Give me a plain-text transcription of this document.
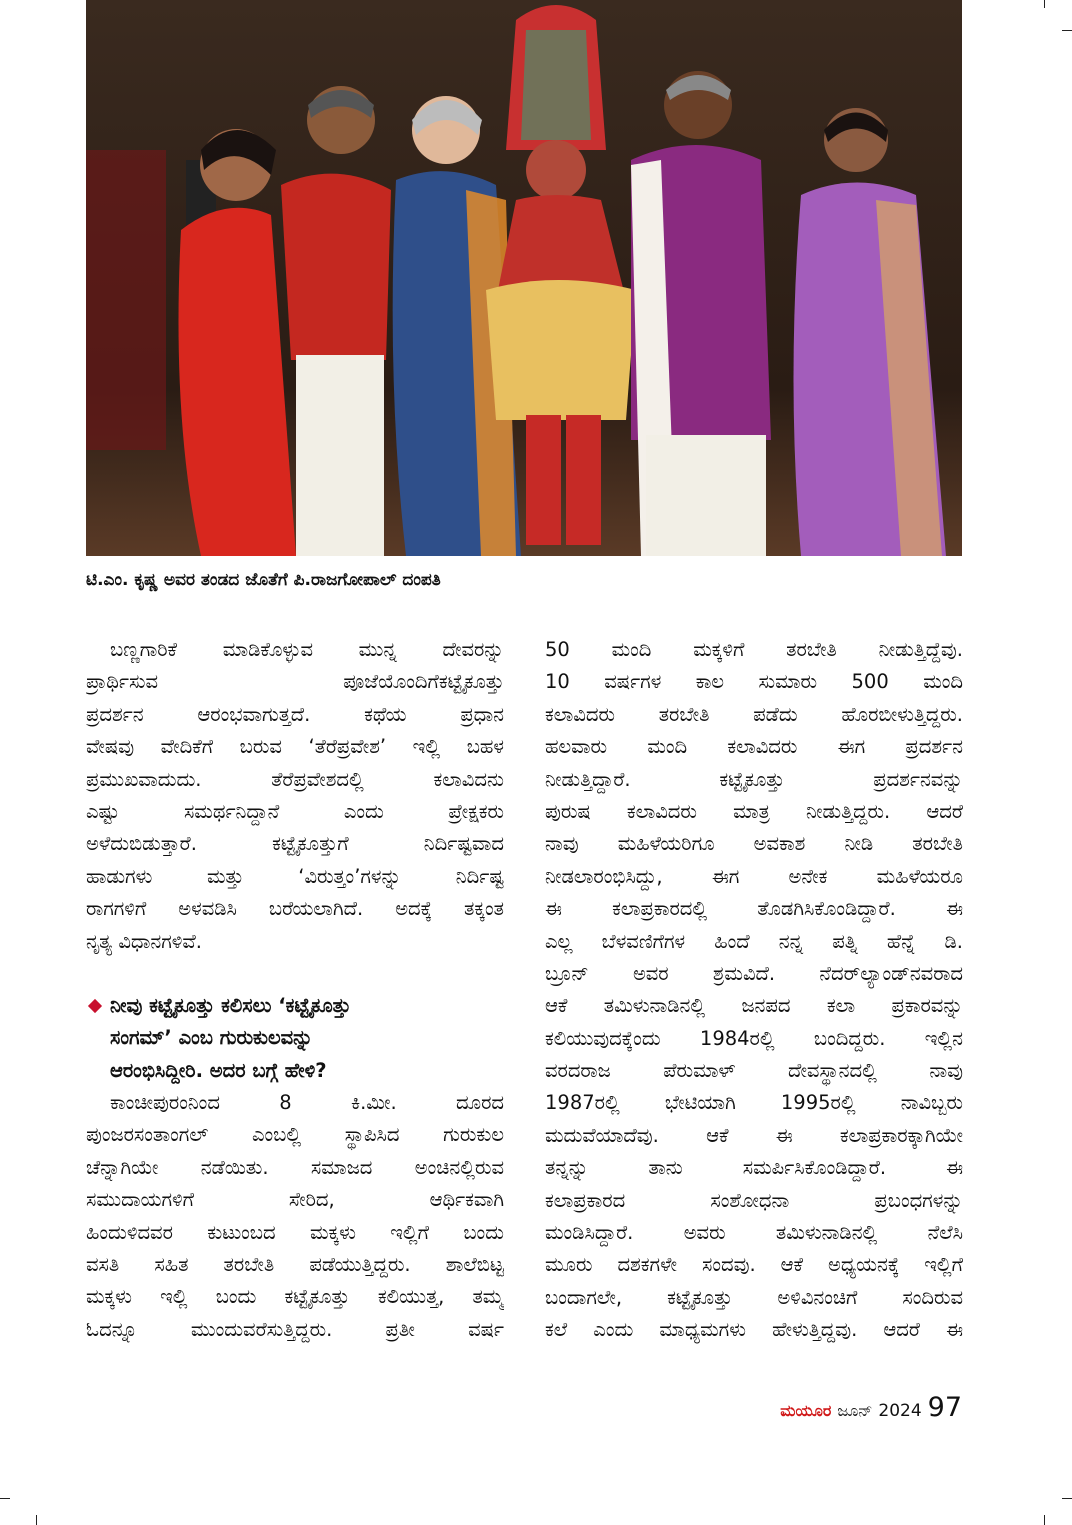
ಟಿ.ಎಂ. ಕೃಷ್ಣ ಅವರ ತಂಡದ ಜೊತೆಗೆ ಪಿ.ರಾಜಗೋಪಾಲ್ ದಂಪತಿ
ಬಣ್ಣಗಾರಿಕೆ ಮಾಡಿಕೊಳ್ಳುವ ಮುನ್ನ ದೇವರನ್ನು
ಪ್ರಾರ್ಥಿಸುವ ಪೂಜೆಯೊಂದಿಗೆಕಟ್ಟೈಕೂತ್ತು
ಪ್ರದರ್ಶನ ಆರಂಭವಾಗುತ್ತದೆ. ಕಥೆಯ ಪ್ರಧಾನ
ವೇಷವು ವೇದಿಕೆಗೆ ಬರುವ ‘ತೆರೆಪ್ರವೇಶ’ ಇಲ್ಲಿ ಬಹಳ
ಪ್ರಮುಖವಾದುದು. ತೆರೆಪ್ರವೇಶದಲ್ಲಿ ಕಲಾವಿದನು
ಎಷ್ಟು ಸಮರ್ಥನಿದ್ದಾನೆ ಎಂದು ಪ್ರೇಕ್ಷಕರು
ಅಳೆದುಬಿಡುತ್ತಾರೆ. ಕಟ್ಟೈಕೂತ್ತುಗೆ ನಿರ್ದಿಷ್ಟವಾದ
ಹಾಡುಗಳು ಮತ್ತು ‘ವಿರುತ್ತಂ’ಗಳನ್ನು ನಿರ್ದಿಷ್ಟ
ರಾಗಗಳಿಗೆ ಅಳವಡಿಸಿ ಬರೆಯಲಾಗಿದೆ. ಅದಕ್ಕೆ ತಕ್ಕಂತ
ನೃತ್ಯ ವಿಧಾನಗಳಿವೆ.
ನೀವು ಕಟ್ಟೈಕೂತ್ತು ಕಲಿಸಲು ‘ಕಟ್ಟೈಕೂತ್ತು
ಸಂಗಮ್’ ಎಂಬ ಗುರುಕುಲವನ್ನು
ಆರಂಭಿಸಿದ್ದೀರಿ. ಅದರ ಬಗ್ಗೆ ಹೇಳಿ?
ಕಾಂಚೀಪುರಂನಿಂದ 8 ಕಿ.ಮೀ. ದೂರದ
ಪುಂಜರಸಂತಾಂಗಲ್ ಎಂಬಲ್ಲಿ ಸ್ಥಾಪಿಸಿದ ಗುರುಕುಲ
ಚೆನ್ನಾಗಿಯೇ ನಡೆಯಿತು. ಸಮಾಜದ ಅಂಚಿನಲ್ಲಿರುವ
ಸಮುದಾಯಗಳಿಗೆ ಸೇರಿದ, ಆರ್ಥಿಕವಾಗಿ
ಹಿಂದುಳಿದವರ ಕುಟುಂಬದ ಮಕ್ಕಳು ಇಲ್ಲಿಗೆ ಬಂದು
ವಸತಿ ಸಹಿತ ತರಬೇತಿ ಪಡೆಯುತ್ತಿದ್ದರು. ಶಾಲೆಬಿಟ್ಟ
ಮಕ್ಕಳು ಇಲ್ಲಿ ಬಂದು ಕಟ್ಟೈಕೂತ್ತು ಕಲಿಯುತ್ತ, ತಮ್ಮ
ಓದನ್ನೂ ಮುಂದುವರೆಸುತ್ತಿದ್ದರು. ಪ್ರತೀ ವರ್ಷ
50 ಮಂದಿ ಮಕ್ಕಳಿಗೆ ತರಬೇತಿ ನೀಡುತ್ತಿದ್ದೆವು.
10 ವರ್ಷಗಳ ಕಾಲ ಸುಮಾರು 500 ಮಂದಿ
ಕಲಾವಿದರು ತರಬೇತಿ ಪಡೆದು ಹೊರಬೀಳುತ್ತಿದ್ದರು.
ಹಲವಾರು ಮಂದಿ ಕಲಾವಿದರು ಈಗ ಪ್ರದರ್ಶನ
ನೀಡುತ್ತಿದ್ದಾರೆ. ಕಟ್ಟೈಕೂತ್ತು ಪ್ರದರ್ಶನವನ್ನು
ಪುರುಷ ಕಲಾವಿದರು ಮಾತ್ರ ನೀಡುತ್ತಿದ್ದರು. ಆದರೆ
ನಾವು ಮಹಿಳೆಯರಿಗೂ ಅವಕಾಶ ನೀಡಿ ತರಬೇತಿ
ನೀಡಲಾರಂಭಿಸಿದ್ದು, ಈಗ ಅನೇಕ ಮಹಿಳೆಯರೂ
ಈ ಕಲಾಪ್ರಕಾರದಲ್ಲಿ ತೊಡಗಿಸಿಕೊಂಡಿದ್ದಾರೆ. ಈ
ಎಲ್ಲ ಬೆಳವಣಿಗೆಗಳ ಹಿಂದೆ ನನ್ನ ಪತ್ನಿ ಹೆನ್ನೆ ಡಿ.
ಬ್ರೂನ್ ಅವರ ಶ್ರಮವಿದೆ. ನೆದರ್‌ಲ್ಯಾಂಡ್‌ನವರಾದ
ಆಕೆ ತಮಿಳುನಾಡಿನಲ್ಲಿ ಜನಪದ ಕಲಾ ಪ್ರಕಾರವನ್ನು
ಕಲಿಯುವುದಕ್ಕೆಂದು 1984ರಲ್ಲಿ ಬಂದಿದ್ದರು. ಇಲ್ಲಿನ
ವರದರಾಜ ಪೆರುಮಾಳ್ ದೇವಸ್ಥಾನದಲ್ಲಿ ನಾವು
1987ರಲ್ಲಿ ಭೇಟಿಯಾಗಿ 1995ರಲ್ಲಿ ನಾವಿಬ್ಬರು
ಮದುವೆಯಾದೆವು. ಆಕೆ ಈ ಕಲಾಪ್ರಕಾರಕ್ಕಾಗಿಯೇ
ತನ್ನನ್ನು ತಾನು ಸಮರ್ಪಿಸಿಕೊಂಡಿದ್ದಾರೆ. ಈ
ಕಲಾಪ್ರಕಾರದ ಸಂಶೋಧನಾ ಪ್ರಬಂಧಗಳನ್ನು
ಮಂಡಿಸಿದ್ದಾರೆ. ಅವರು ತಮಿಳುನಾಡಿನಲ್ಲಿ ನೆಲೆಸಿ
ಮೂರು ದಶಕಗಳೇ ಸಂದವು. ಆಕೆ ಅಧ್ಯಯನಕ್ಕೆ ಇಲ್ಲಿಗೆ
ಬಂದಾಗಲೇ, ಕಟ್ಟೈಕೂತ್ತು ಅಳಿವಿನಂಚಿಗೆ ಸಂದಿರುವ
ಕಲೆ ಎಂದು ಮಾಧ್ಯಮಗಳು ಹೇಳುತ್ತಿದ್ದವು. ಆದರೆ ಈ
ಮಯೂರ ಜೂನ್ 2024 97
